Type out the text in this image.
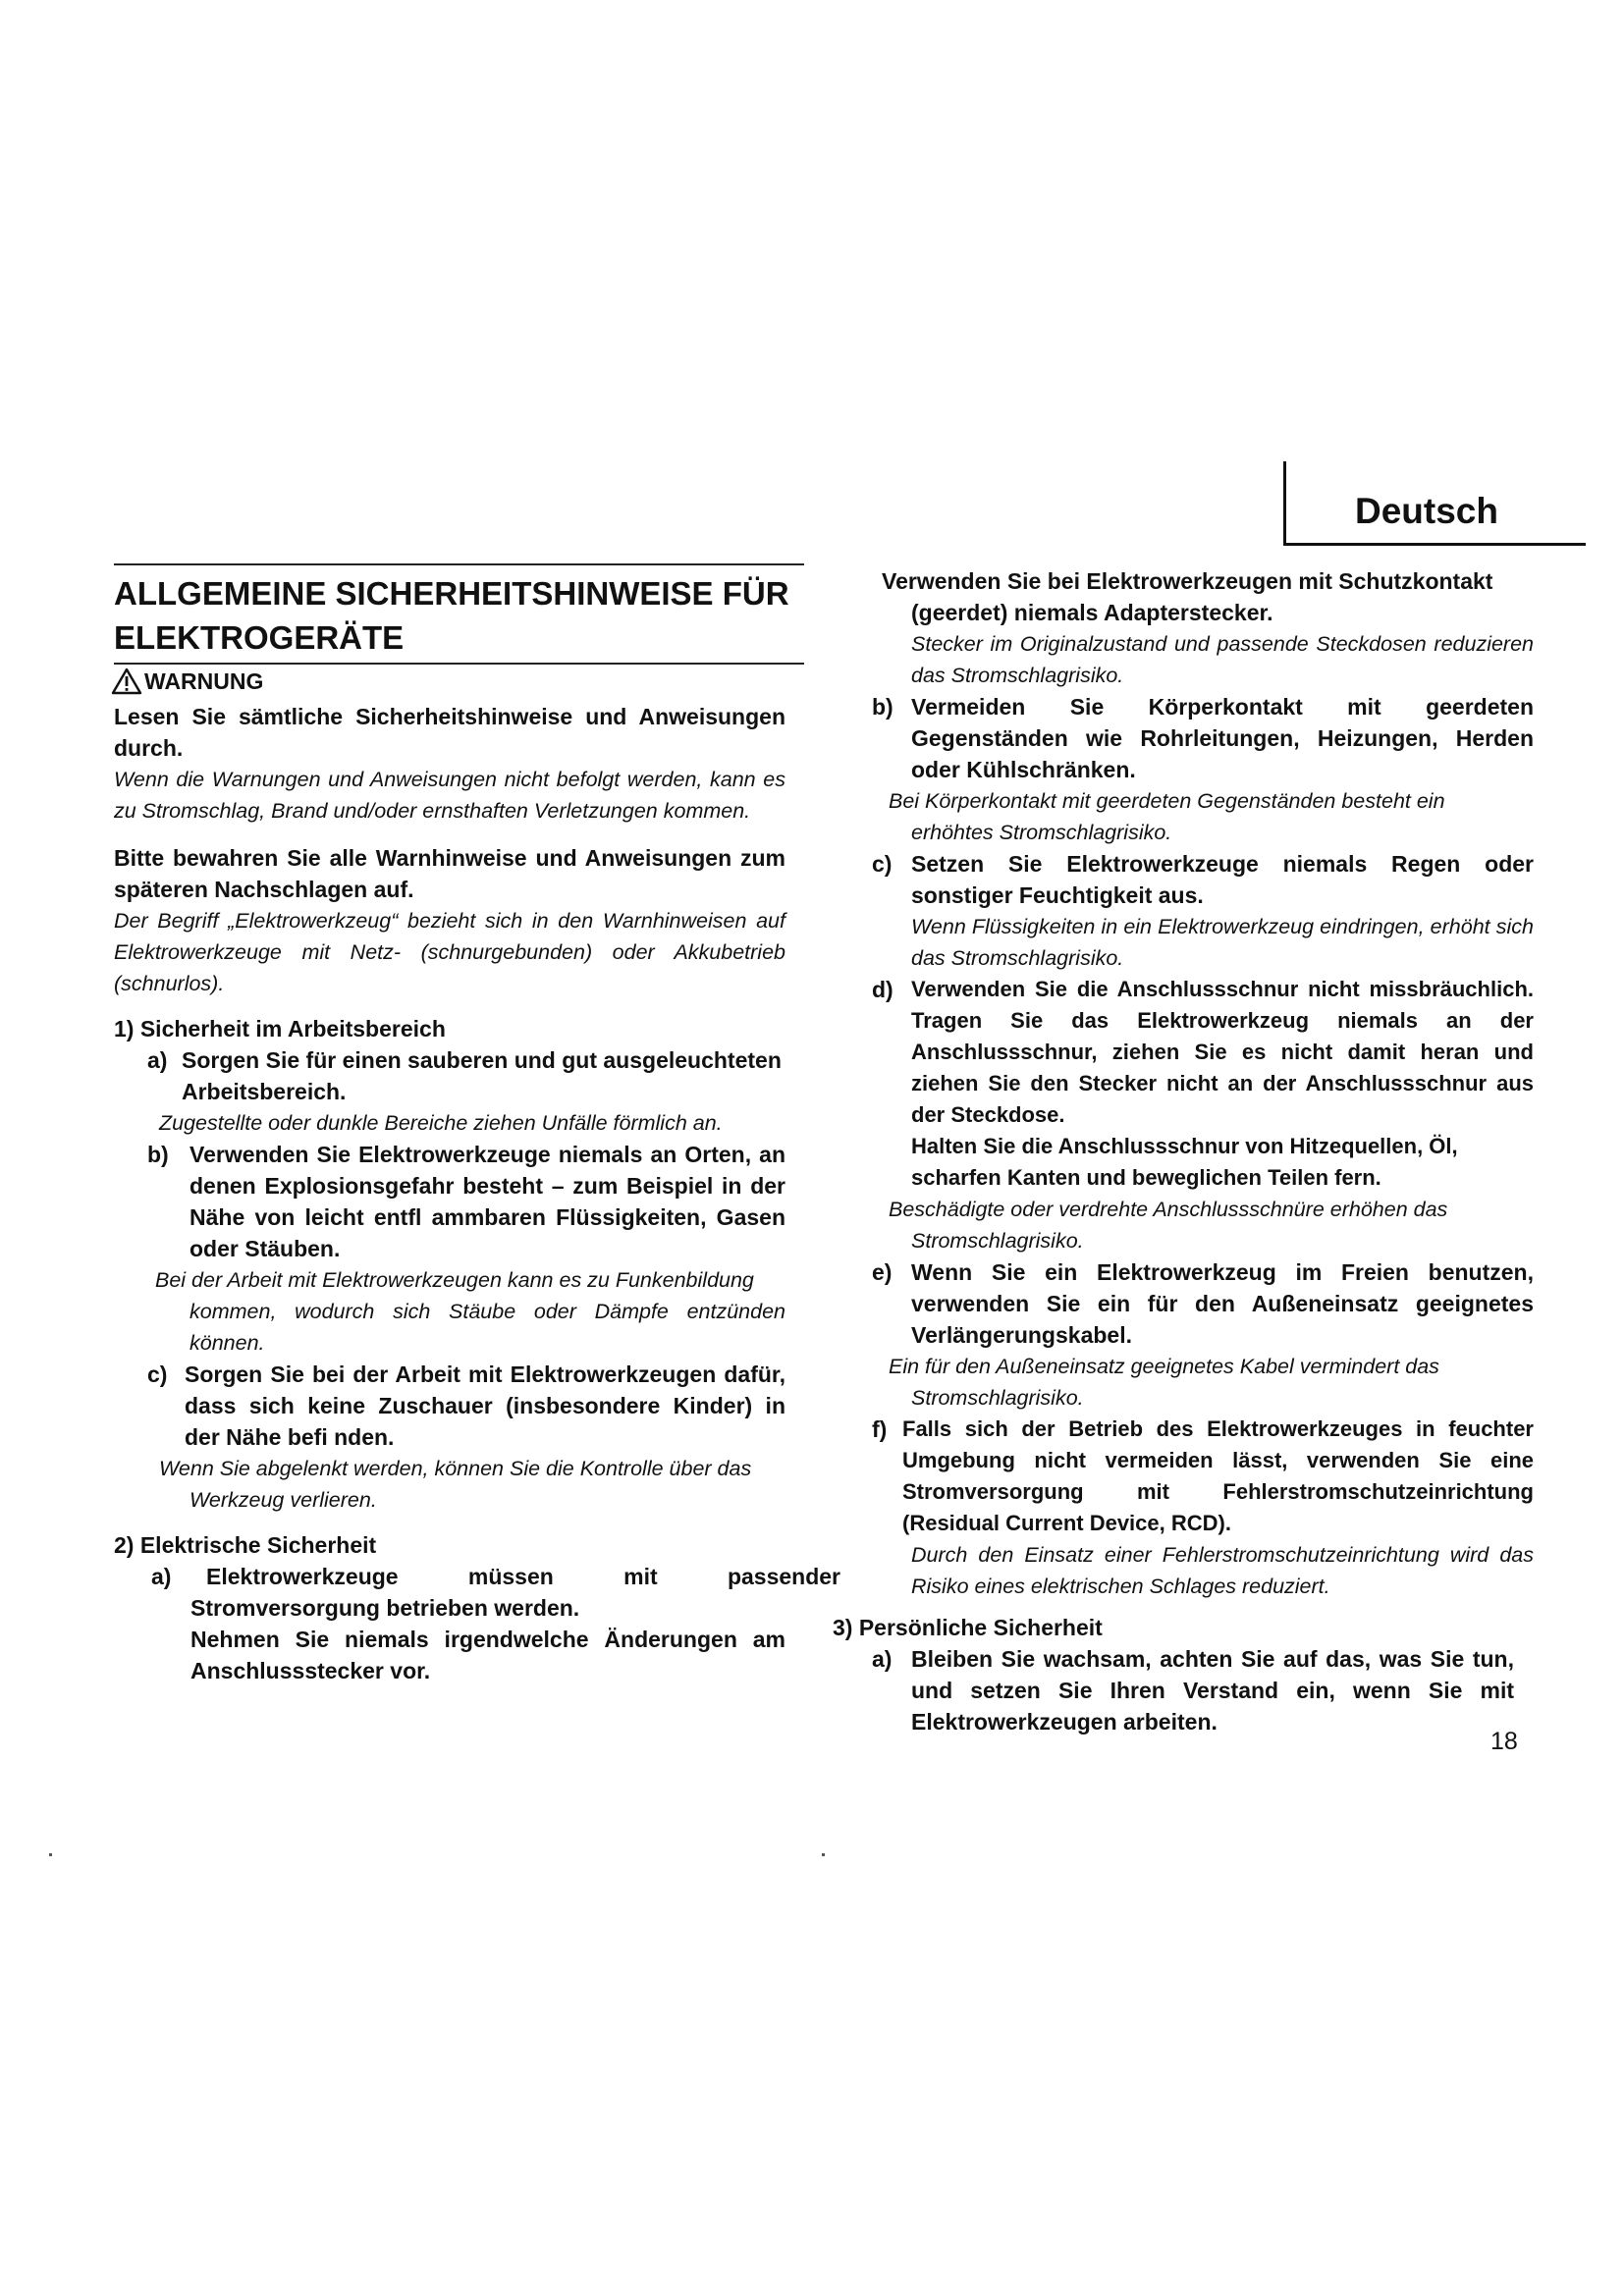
Deutsch
ALLGEMEINE SICHERHEITSHINWEISE FÜR
ELEKTROGERÄTE
WARNUNG

Lesen Sie sämtliche Sicherheitshinweise und Anweisungen durch.

Wenn die Warnungen und Anweisungen nicht befolgt werden, kann es zu Stromschlag, Brand und/oder ernsthaften Verletzungen kommen.

Bitte bewahren Sie alle Warnhinweise und Anweisungen zum späteren Nachschlagen auf.

Der Begriff „Elektrowerkzeug“ bezieht sich in den Warnhinweisen auf Elektrowerkzeuge mit Netz- (schnurgebunden) oder Akkubetrieb (schnurlos).

1) Sicherheit im Arbeitsbereich

a) Sorgen Sie für einen sauberen und gut ausgeleuchteten Arbeitsbereich.

Zugestellte oder dunkle Bereiche ziehen Unfälle förmlich an.

b) Verwenden Sie Elektrowerkzeuge niemals an Orten, an denen Explosionsgefahr besteht – zum Beispiel in der Nähe von leicht entfl ammbaren Flüssigkeiten, Gasen oder Stäuben.

Bei der Arbeit mit Elektrowerkzeugen kann es zu Funkenbildung

kommen, wodurch sich Stäube oder Dämpfe entzünden können.

c) Sorgen Sie bei der Arbeit mit Elektrowerkzeugen dafür, dass sich keine Zuschauer (insbesondere Kinder) in der Nähe befi nden.

Wenn Sie abgelenkt werden, können Sie die Kontrolle über das

Werkzeug verlieren.

2) Elektrische Sicherheit

a)	Elektrowerkzeuge müssen mit passender

Stromversorgung betrieben werden.

Nehmen Sie niemals irgendwelche Änderungen am Anschlussstecker vor.

Verwenden Sie bei Elektrowerkzeugen mit Schutzkontakt

(geerdet) niemals Adapterstecker.

Stecker im Originalzustand und passende Steckdosen reduzieren das Stromschlagrisiko.

b) Vermeiden Sie Körperkontakt mit geerdeten Gegenständen wie Rohrleitungen, Heizungen, Herden oder Kühlschränken.

Bei Körperkontakt mit geerdeten Gegenständen besteht ein

erhöhtes Stromschlagrisiko.

c) Setzen Sie Elektrowerkzeuge niemals Regen oder sonstiger Feuchtigkeit aus.

Wenn Flüssigkeiten in ein Elektrowerkzeug eindringen, erhöht sich das Stromschlagrisiko.

d) Verwenden Sie die Anschlussschnur nicht missbräuchlich. Tragen Sie das Elektrowerkzeug niemals an der Anschlussschnur, ziehen Sie es nicht damit heran und ziehen Sie den Stecker nicht an der Anschlussschnur aus der Steckdose.

Halten Sie die Anschlussschnur von Hitzequellen, Öl, scharfen Kanten und beweglichen Teilen fern.

Beschädigte oder verdrehte Anschlussschnüre erhöhen das

Stromschlagrisiko.

e) Wenn Sie ein Elektrowerkzeug im Freien benutzen, verwenden Sie ein für den Außeneinsatz geeignetes Verlängerungskabel.

Ein für den Außeneinsatz geeignetes Kabel vermindert das

Stromschlagrisiko.

f) Falls sich der Betrieb des Elektrowerkzeuges in feuchter Umgebung nicht vermeiden lässt, verwenden Sie eine Stromversorgung mit Fehlerstromschutzeinrichtung (Residual Current Device, RCD).

Durch den Einsatz einer Fehlerstromschutzeinrichtung wird das Risiko eines elektrischen Schlages reduziert.

3) Persönliche Sicherheit

a) Bleiben Sie wachsam, achten Sie auf das, was Sie tun, und setzen Sie Ihren Verstand ein, wenn Sie mit Elektrowerkzeugen arbeiten.
18
